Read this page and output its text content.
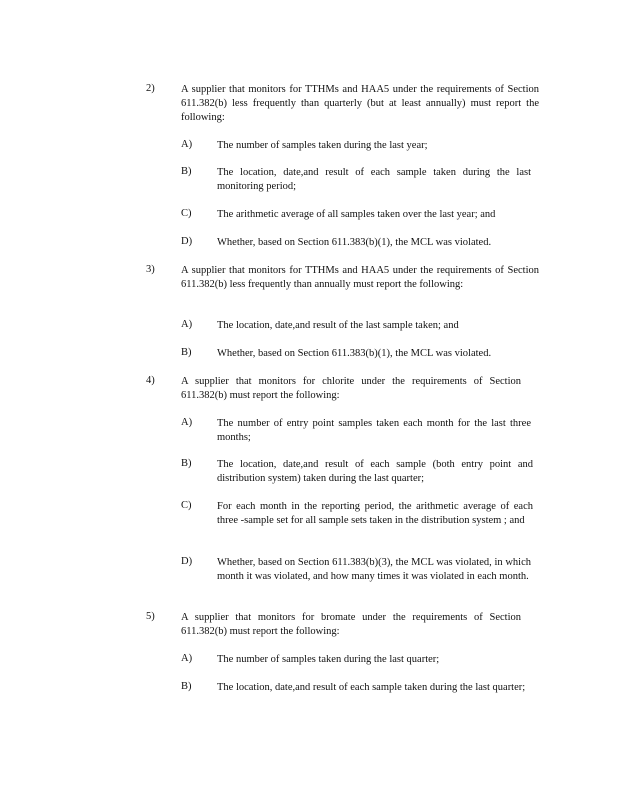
2)	A supplier that monitors for TTHMs and HAA5 under the requirements of Section 611.382(b) less frequently than quarterly (but at least annually) must report the following:
A) The number of samples taken during the last year;
B) The location, date,and result of each sample taken during the last monitoring period;
C) The arithmetic average of all samples taken over the last year; and
D) Whether, based on Section 611.383(b)(1), the MCL was violated.
3)	A supplier that monitors for TTHMs and HAA5 under the requirements of Section 611.382(b) less frequently than annually must report the following:
A) The location, date,and result of the last sample taken; and
B) Whether, based on Section 611.383(b)(1), the MCL was violated.
4)	A supplier that monitors for chlorite under the requirements of Section 611.382(b) must report the following:
A) The number of entry point samples taken each month for the last three months;
B) The location, date,and result of each sample (both entry point and distribution system) taken during the last quarter;
C) For each month in the reporting period, the arithmetic average of each three -sample set for all sample sets taken in the distribution system ; and
D) Whether, based on Section 611.383(b)(3), the MCL was violated, in which month it was violated, and how many times it was violated in each month.
5)	A supplier that monitors for bromate under the requirements of Section 611.382(b) must report the following:
A) The number of samples taken during the last quarter;
B) The location, date,and result of each sample taken during the last quarter;
